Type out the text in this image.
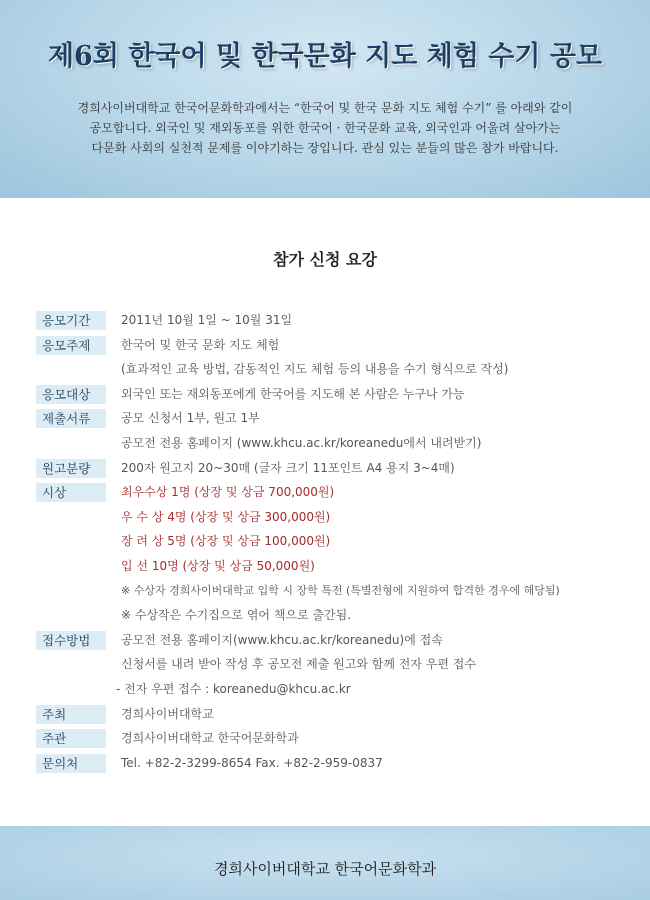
제6회 한국어 및 한국문화 지도 체험 수기 공모

경희사이버대학교 한국어문화학과에서는 “한국어 및 한국 문화 지도 체험 수기” 를 아래와 같이
공모합니다. 외국인 및 재외동포를 위한 한국어 · 한국문화 교육, 외국인과 어울려 살아가는
다문화 사회의 실천적 문제를 이야기하는 장입니다. 관심 있는 분들의 많은 참가 바랍니다.

참가 신청 요강
응모기간	2011년 10월 1일 ~ 10월 31일
응모주제	한국어 및 한국 문화 지도 체험
(효과적인 교육 방법, 감동적인 지도 체험 등의 내용을 수기 형식으로 작성)
응모대상	외국인 또는 재외동포에게 한국어를 지도해 본 사람은 누구나 가능
제출서류	공모 신청서 1부, 원고 1부
공모전 전용 홈페이지 (www.khcu.ac.kr/koreanedu에서 내려받기)
원고분량	200자 원고지 20~30매 (글자 크기 11포인트 A4 용지 3~4매)
시상	최우수상 1명 (상장 및 상금 700,000원)
우 수 상 4명 (상장 및 상금 300,000원)
장 려 상 5명 (상장 및 상금 100,000원)
입 선 10명 (상장 및 상금 50,000원)
※ 수상자 경희사이버대학교 입학 시 장학 특전 (특별전형에 지원하여 합격한 경우에 해당됨)
※ 수상작은 수기집으로 엮어 책으로 출간됨.
접수방법	공모전 전용 홈페이지(www.khcu.ac.kr/koreanedu)에 접속
신청서를 내려 받아 작성 후 공모전 제출 원고와 함께 전자 우편 접수
- 전자 우편 접수 : koreanedu@khcu.ac.kr
주최	경희사이버대학교
주관	경희사이버대학교 한국어문화학과
문의처	Tel. +82-2-3299-8654 Fax. +82-2-959-0837

경희사이버대학교 한국어문화학과
